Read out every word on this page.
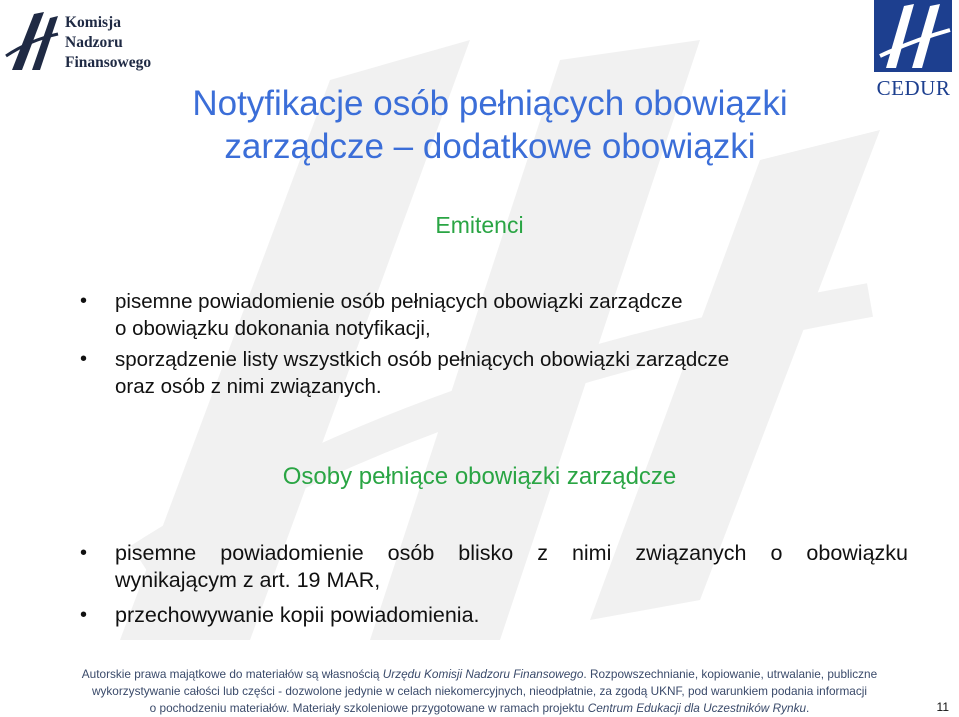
Komisja
Nadzoru
Finansowego
CEDUR
Notyfikacje osób pełniących obowiązki
zarządcze – dodatkowe obowiązki
Emitenci
• pisemne powiadomienie osób pełniących obowiązki zarządcze
o obowiązku dokonania notyfikacji,
• sporządzenie listy wszystkich osób pełniących obowiązki zarządcze
oraz osób z nimi związanych.
Osoby pełniące obowiązki zarządcze
• pisemne powiadomienie osób blisko z nimi związanych o obowiązku
wynikającym z art. 19 MAR,
• przechowywanie kopii powiadomienia.
Autorskie prawa majątkowe do materiałów są własnością Urzędu Komisji Nadzoru Finansowego. Rozpowszechnianie, kopiowanie, utrwalanie, publiczne
wykorzystywanie całości lub części - dozwolone jedynie w celach niekomercyjnych, nieodpłatnie, za zgodą UKNF, pod warunkiem podania informacji
o pochodzeniu materiałów. Materiały szkoleniowe przygotowane w ramach projektu Centrum Edukacji dla Uczestników Rynku.	11
